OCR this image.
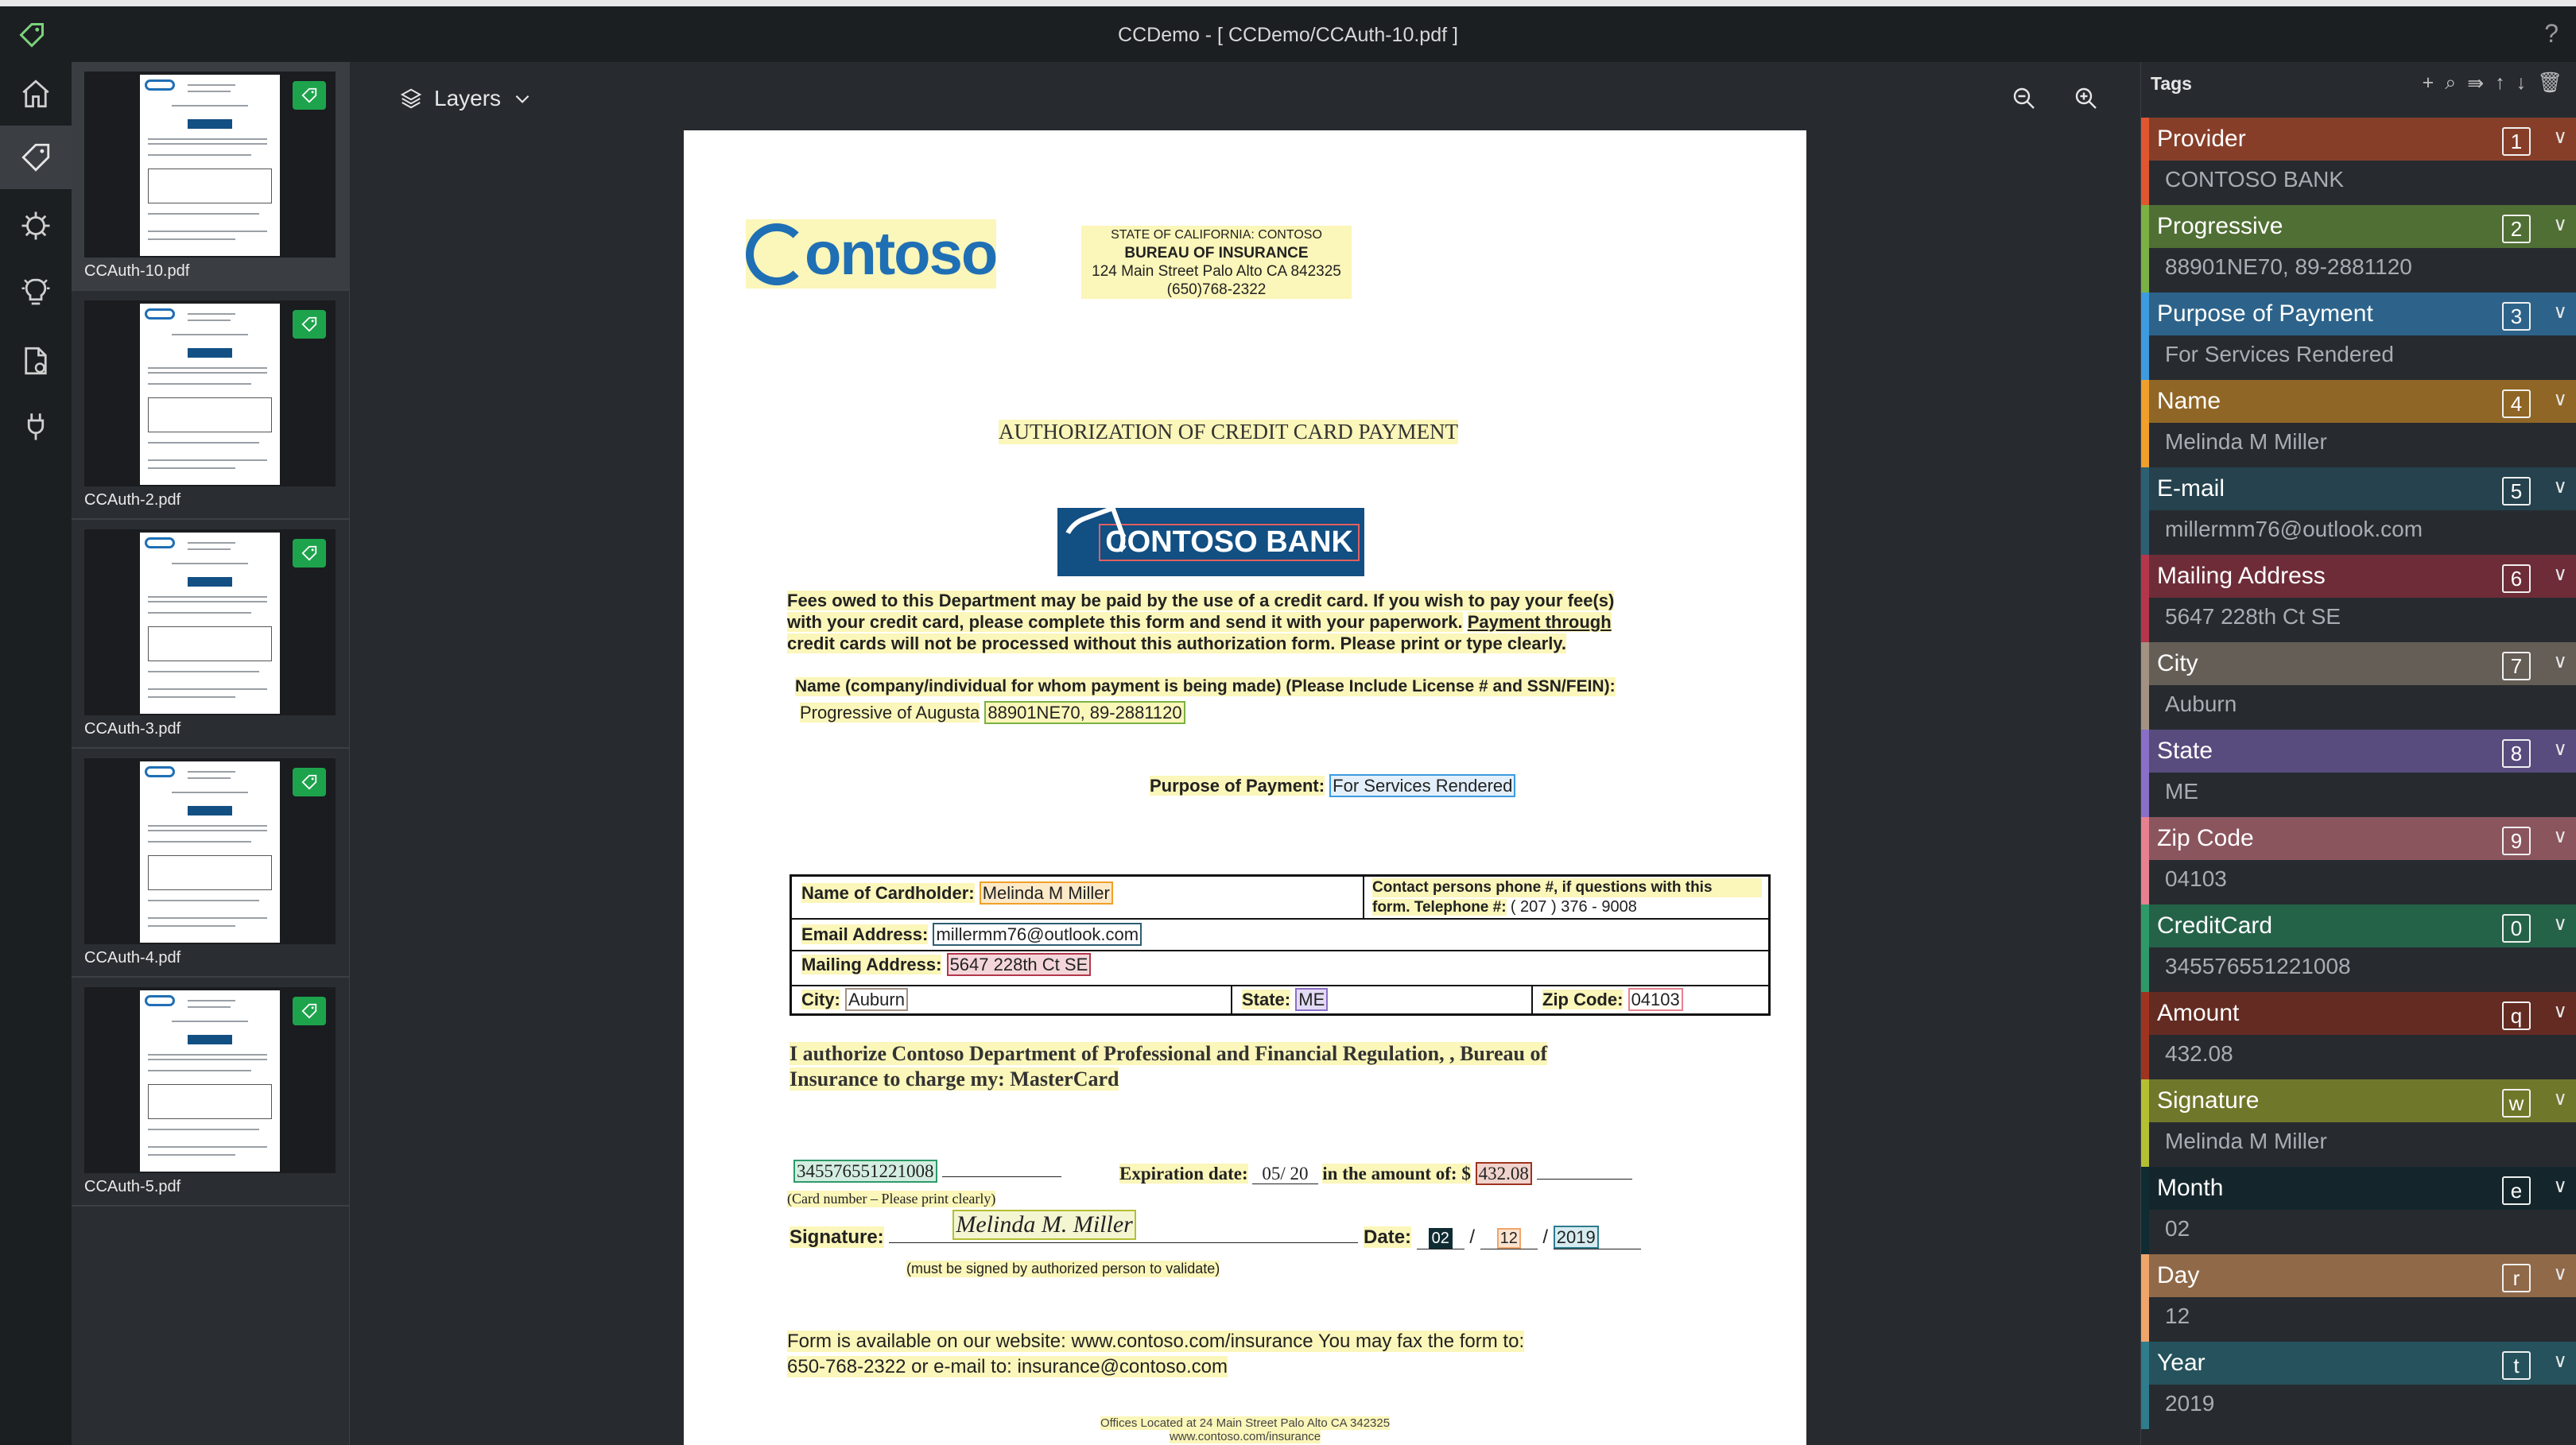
CCDemo - [ CCDemo/CCAuth-10.pdf ]	?
CCAuth-10.pdf
CCAuth-2.pdf
CCAuth-3.pdf
CCAuth-4.pdf
CCAuth-5.pdf
Layers
ontoso	STATE OF CALIFORNIA: CONTOSO
BUREAU OF INSURANCE
124 Main Street Palo Alto CA 842325
(650)768-2322
AUTHORIZATION OF CREDIT CARD PAYMENT
CONTOSO BANK
Fees owed to this Department may be paid by the use of a credit card. If you wish to pay your fee(s)
with your credit card, please complete this form and send it with your paperwork. Payment through
credit cards will not be processed without this authorization form. Please print or type clearly.
Name (company/individual for whom payment is being made) (Please Include License # and SSN/FEIN):
Progressive of Augusta 88901NE70, 89-2881120
Purpose of Payment: For Services Rendered
Name of Cardholder: Melinda M Miller	Contact persons phone #, if questions with this
form. Telephone #: ( 207 ) 376 - 9008
Email Address: millermm76@outlook.com
Mailing Address: 5647 228th Ct SE
City: Auburn	State: ME	Zip Code: 04103
I authorize Contoso Department of Professional and Financial Regulation, , Bureau of
Insurance to charge my: MasterCard
345576551221008
(Card number – Please print clearly)
Expiration date: 05/ 20 in the amount of: $ 432.08
Signature:	Melinda M. Miller	Date: 02 / 12 / 2019
(must be signed by authorized person to validate)
Form is available on our website: www.contoso.com/insurance You may fax the form to:
650-768-2322 or e-mail to: insurance@contoso.com
Offices Located at 24 Main Street Palo Alto CA 342325
www.contoso.com/insurance
Tags	+ ⌕ ⇛ ↑ ↓ 🗑
Provider	1	∨
CONTOSO BANK
Progressive	2	∨
88901NE70, 89-2881120
Purpose of Payment	3	∨
For Services Rendered
Name	4	∨
Melinda M Miller
E-mail	5	∨
millermm76@outlook.com
Mailing Address	6	∨
5647 228th Ct SE
City	7	∨
Auburn
State	8	∨
ME
Zip Code	9	∨
04103
CreditCard	0	∨
345576551221008
Amount	q	∨
432.08
Signature	w	∨
Melinda M Miller
Month	e	∨
02
Day	r	∨
12
Year	t	∨
2019
